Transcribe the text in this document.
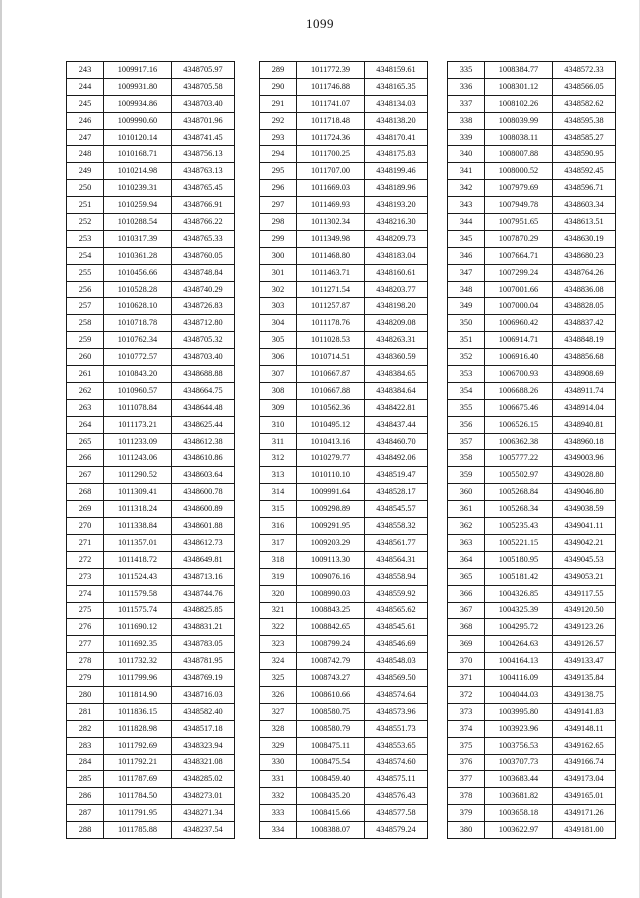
1099
243	1009917.16	4348705.97
244	1009931.80	4348705.58
245	1009934.86	4348703.40
246	1009990.60	4348701.96
247	1010120.14	4348741.45
248	1010168.71	4348756.13
249	1010214.98	4348763.13
250	1010239.31	4348765.45
251	1010259.94	4348766.91
252	1010288.54	4348766.22
253	1010317.39	4348765.33
254	1010361.28	4348760.05
255	1010456.66	4348748.84
256	1010528.28	4348740.29
257	1010628.10	4348726.83
258	1010718.78	4348712.80
259	1010762.34	4348705.32
260	1010772.57	4348703.40
261	1010843.20	4348688.88
262	1010960.57	4348664.75
263	1011078.84	4348644.48
264	1011173.21	4348625.44
265	1011233.09	4348612.38
266	1011243.06	4348610.86
267	1011290.52	4348603.64
268	1011309.41	4348600.78
269	1011318.24	4348600.89
270	1011338.84	4348601.88
271	1011357.01	4348612.73
272	1011418.72	4348649.81
273	1011524.43	4348713.16
274	1011579.58	4348744.76
275	1011575.74	4348825.85
276	1011690.12	4348831.21
277	1011692.35	4348783.05
278	1011732.32	4348781.95
279	1011799.96	4348769.19
280	1011814.90	4348716.03
281	1011836.15	4348582.40
282	1011828.98	4348517.18
283	1011792.69	4348323.94
284	1011792.21	4348321.08
285	1011787.69	4348285.02
286	1011784.50	4348273.01
287	1011791.95	4348271.34
288	1011785.88	4348237.54
289	1011772.39	4348159.61
290	1011746.88	4348165.35
291	1011741.07	4348134.03
292	1011718.48	4348138.20
293	1011724.36	4348170.41
294	1011700.25	4348175.83
295	1011707.00	4348199.46
296	1011669.03	4348189.96
297	1011469.93	4348193.20
298	1011302.34	4348216.30
299	1011349.98	4348209.73
300	1011468.80	4348183.04
301	1011463.71	4348160.61
302	1011271.54	4348203.77
303	1011257.87	4348198.20
304	1011178.76	4348209.08
305	1011028.53	4348263.31
306	1010714.51	4348360.59
307	1010667.87	4348384.65
308	1010667.88	4348384.64
309	1010562.36	4348422.81
310	1010495.12	4348437.44
311	1010413.16	4348460.70
312	1010279.77	4348492.06
313	1010110.10	4348519.47
314	1009991.64	4348528.17
315	1009298.89	4348545.57
316	1009291.95	4348558.32
317	1009203.29	4348561.77
318	1009113.30	4348564.31
319	1009076.16	4348558.94
320	1008990.03	4348559.92
321	1008843.25	4348565.62
322	1008842.65	4348545.61
323	1008799.24	4348546.69
324	1008742.79	4348548.03
325	1008743.27	4348569.50
326	1008610.66	4348574.64
327	1008580.75	4348573.96
328	1008580.79	4348551.73
329	1008475.11	4348553.65
330	1008475.54	4348574.60
331	1008459.40	4348575.11
332	1008435.20	4348576.43
333	1008415.66	4348577.58
334	1008388.07	4348579.24
335	1008384.77	4348572.33
336	1008301.12	4348566.05
337	1008102.26	4348582.62
338	1008039.99	4348595.38
339	1008038.11	4348585.27
340	1008007.88	4348590.95
341	1008000.52	4348592.45
342	1007979.69	4348596.71
343	1007949.78	4348603.34
344	1007951.65	4348613.51
345	1007870.29	4348630.19
346	1007664.71	4348680.23
347	1007299.24	4348764.26
348	1007001.66	4348836.08
349	1007000.04	4348828.05
350	1006960.42	4348837.42
351	1006914.71	4348848.19
352	1006916.40	4348856.68
353	1006700.93	4348908.69
354	1006688.26	4348911.74
355	1006675.46	4348914.04
356	1006526.15	4348940.81
357	1006362.38	4348960.18
358	1005777.22	4349003.96
359	1005502.97	4349028.80
360	1005268.84	4349046.80
361	1005268.34	4349038.59
362	1005235.43	4349041.11
363	1005221.15	4349042.21
364	1005180.95	4349045.53
365	1005181.42	4349053.21
366	1004326.85	4349117.55
367	1004325.39	4349120.50
368	1004295.72	4349123.26
369	1004264.63	4349126.57
370	1004164.13	4349133.47
371	1004116.09	4349135.84
372	1004044.03	4349138.75
373	1003995.80	4349141.83
374	1003923.96	4349148.11
375	1003756.53	4349162.65
376	1003707.73	4349166.74
377	1003683.44	4349173.04
378	1003681.82	4349165.01
379	1003658.18	4349171.26
380	1003622.97	4349181.00
